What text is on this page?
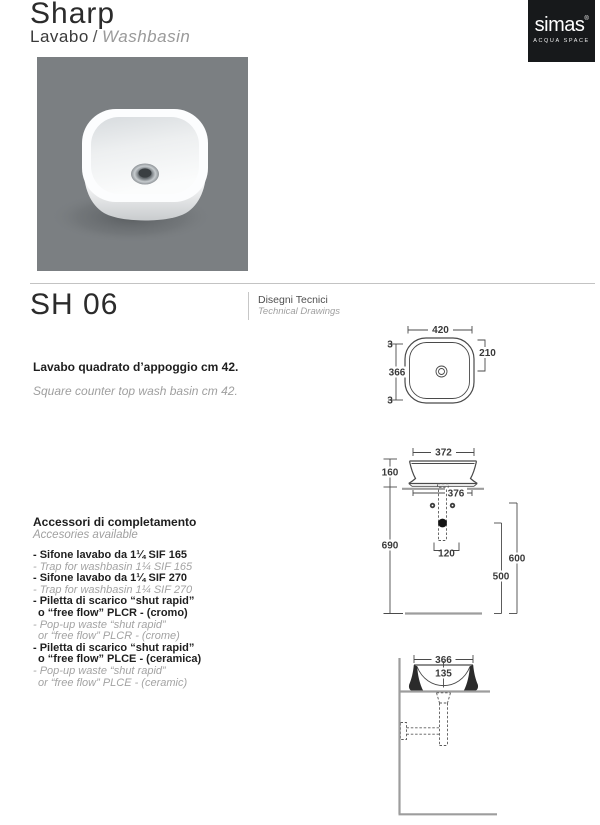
Sharp
Lavabo / Washbasin
simas®
ACQUA SPACE
SH 06	Disegni Tecnici
Technical Drawings
Lavabo quadrato d’appoggio cm 42.
Square counter top wash basin cm 42.
Accessori di completamento
Accesories available
- Sifone lavabo da 1¼ SIF 165
- Trap for washbasin 1¼ SIF 165
- Sifone lavabo da 1¼ SIF 270
- Trap for washbasin 1¼ SIF 270
- Piletta di scarico “shut rapid”
o “free flow” PLCR - (cromo)
- Pop-up waste “shut rapid”
or “free flow” PLCR - (crome)
- Piletta di scarico “shut rapid”
o “free flow” PLCE - (ceramica)
- Pop-up waste “shut rapid”
or “free flow” PLCE - (ceramic)
420
210
3
3
366
372
376
120
160
690
600
500
366
135
